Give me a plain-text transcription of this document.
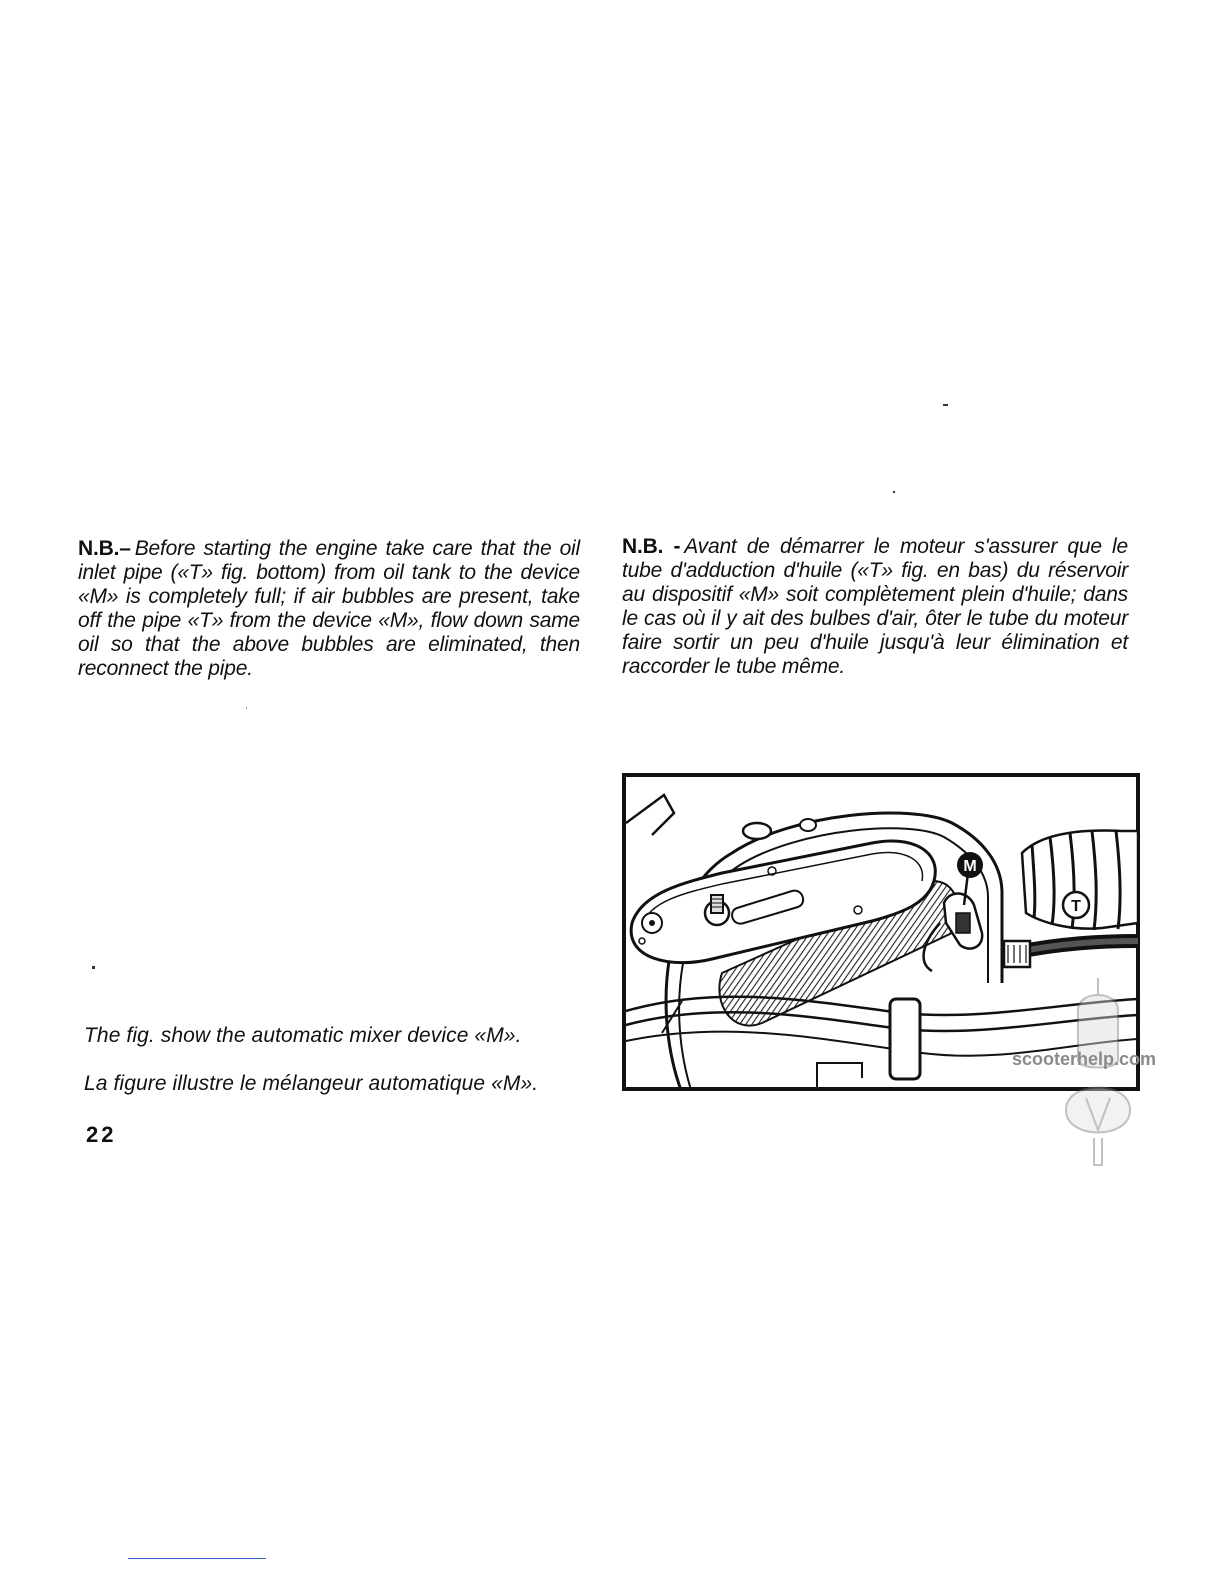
N.B.– Before starting the engine take care that the oil inlet pipe («T» fig. bottom) from oil tank to the device «M» is completely full; if air bubbles are present, take off the pipe «T» from the device «M», flow down same oil so that the above bubbles are eliminated, then reconnect the pipe.

N.B. - Avant de démarrer le moteur s'assurer que le tube d'adduction d'huile («T» fig. en bas) du réservoir au dispositif «M» soit complètement plein d'huile; dans le cas où il y ait des bulbes d'air, ôter le tube du moteur faire sortir un peu d'huile jusqu'à leur élimination et raccorder le tube même.

The fig. show the automatic mixer device «M».
La figure illustre le mélangeur automatique «M».
22
M
T
scooterhelp.com
